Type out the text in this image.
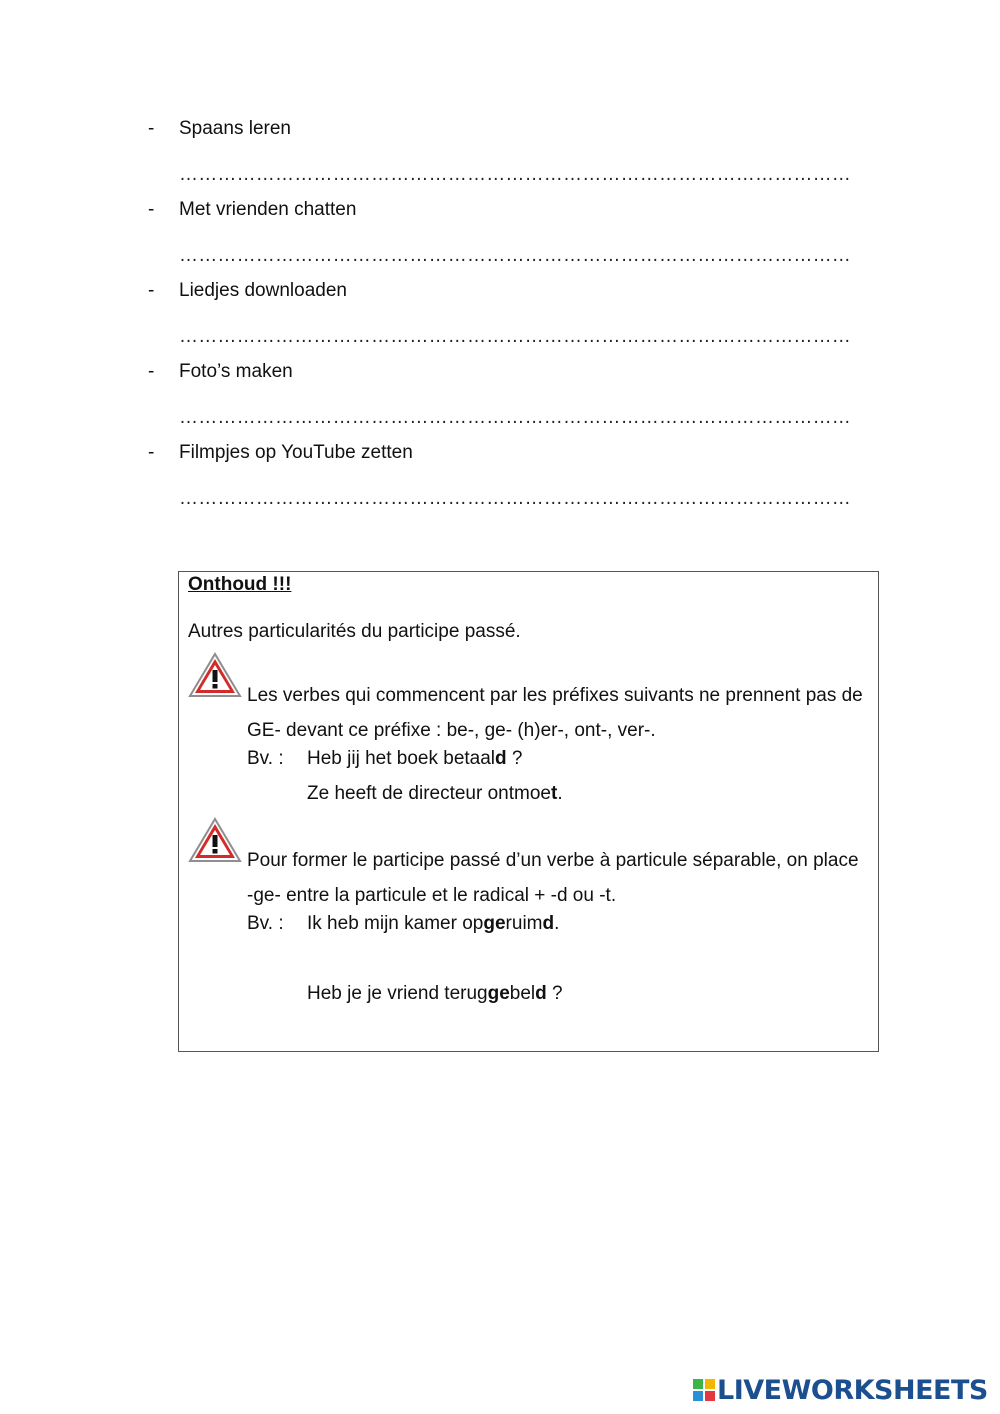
- Spaans leren
……………………………………………………………………………………………
- Met vrienden chatten
……………………………………………………………………………………………
- Liedjes downloaden
……………………………………………………………………………………………
- Foto’s maken
……………………………………………………………………………………………
- Filmpjes op YouTube zetten
……………………………………………………………………………………………
Onthoud !!!
Autres particularités du participe passé.
Les verbes qui commencent par les préfixes suivants ne prennent pas de GE- devant ce préfixe : be-, ge- (h)er-, ont-, ver-.
Bv. : Heb jij het boek betaald ?
Ze heeft de directeur ontmoet.
Pour former le participe passé d’un verbe à particule séparable, on place -ge- entre la particule et le radical + -d ou -t.
Bv. : Ik heb mijn kamer opgeruimd.
Heb je je vriend teruggebeld ?
LIVEWORKSHEETS
